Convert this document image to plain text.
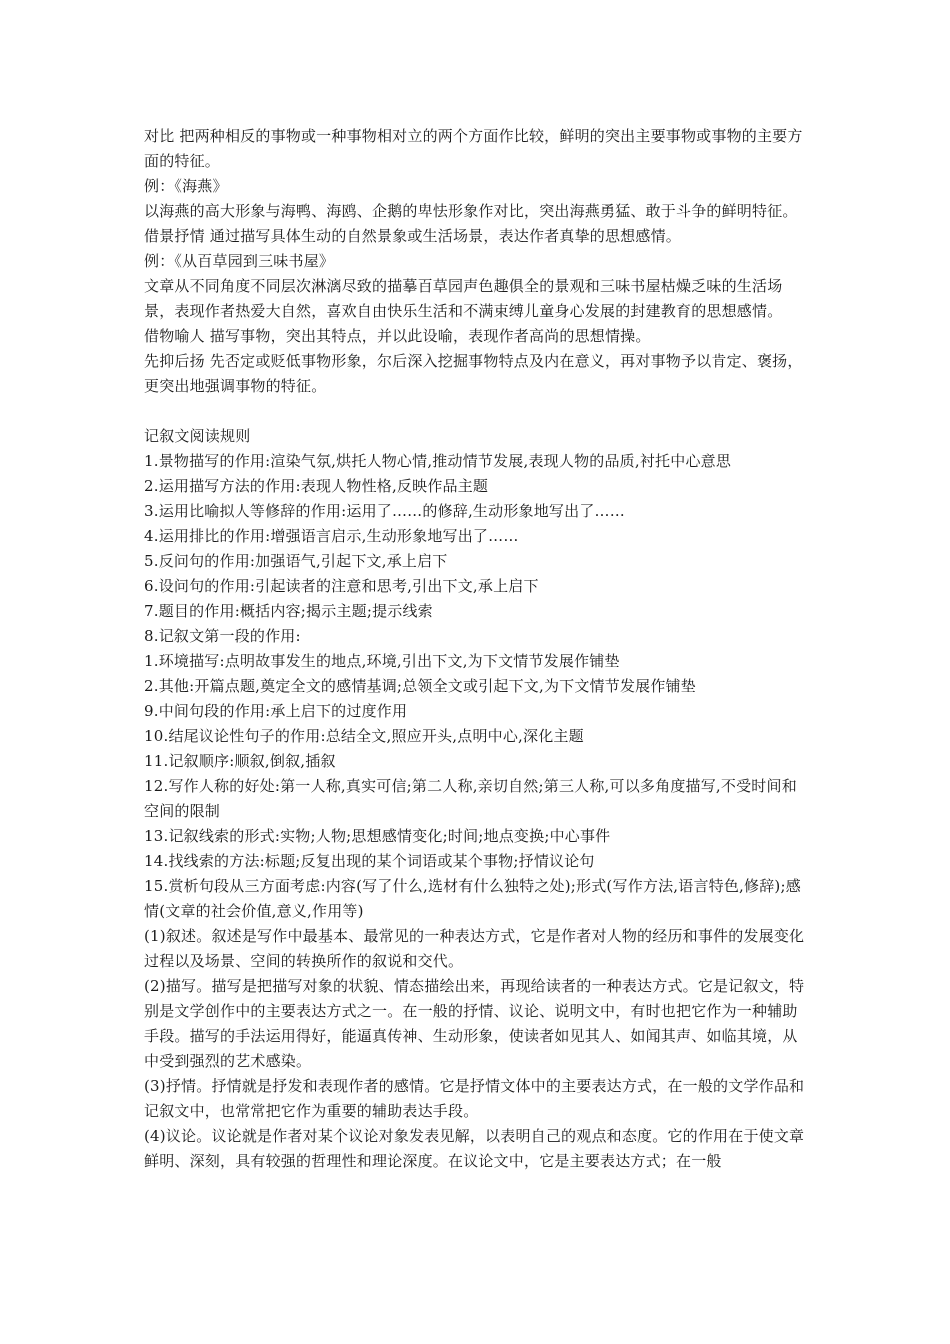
对比 把两种相反的事物或一种事物相对立的两个方面作比较，鲜明的突出主要事物或事物的主要方面的特征。

例：《海燕》

以海燕的高大形象与海鸭、海鸥、企鹅的卑怯形象作对比，突出海燕勇猛、敢于斗争的鲜明特征。

借景抒情 通过描写具体生动的自然景象或生活场景，表达作者真挚的思想感情。

例：《从百草园到三味书屋》

文章从不同角度不同层次淋漓尽致的描摹百草园声色趣俱全的景观和三味书屋枯燥乏味的生活场景，表现作者热爱大自然，喜欢自由快乐生活和不满束缚儿童身心发展的封建教育的思想感情。

借物喻人 描写事物，突出其特点，并以此设喻，表现作者高尚的思想情操。

先抑后扬 先否定或贬低事物形象，尔后深入挖掘事物特点及内在意义，再对事物予以肯定、褒扬，更突出地强调事物的特征。

记叙文阅读规则

1.景物描写的作用:渲染气氛,烘托人物心情,推动情节发展,表现人物的品质,衬托中心意思

2.运用描写方法的作用:表现人物性格,反映作品主题

3.运用比喻拟人等修辞的作用:运用了……的修辞,生动形象地写出了……

4.运用排比的作用:增强语言启示,生动形象地写出了……

5.反问句的作用:加强语气,引起下文,承上启下

6.设问句的作用:引起读者的注意和思考,引出下文,承上启下

7.题目的作用:概括内容;揭示主题;提示线索

8.记叙文第一段的作用:

1.环境描写:点明故事发生的地点,环境,引出下文,为下文情节发展作铺垫

2.其他:开篇点题,奠定全文的感情基调;总领全文或引起下文,为下文情节发展作铺垫

9.中间句段的作用:承上启下的过度作用

10.结尾议论性句子的作用:总结全文,照应开头,点明中心,深化主题

11.记叙顺序:顺叙,倒叙,插叙

12.写作人称的好处:第一人称,真实可信;第二人称,亲切自然;第三人称,可以多角度描写,不受时间和空间的限制

13.记叙线索的形式:实物;人物;思想感情变化;时间;地点变换;中心事件

14.找线索的方法:标题;反复出现的某个词语或某个事物;抒情议论句

15.赏析句段从三方面考虑:内容(写了什么,选材有什么独特之处);形式(写作方法,语言特色,修辞);感情(文章的社会价值,意义,作用等)

(1)叙述。叙述是写作中最基本、最常见的一种表达方式，它是作者对人物的经历和事件的发展变化过程以及场景、空间的转换所作的叙说和交代。

(2)描写。描写是把描写对象的状貌、情态描绘出来，再现给读者的一种表达方式。它是记叙文，特别是文学创作中的主要表达方式之一。在一般的抒情、议论、说明文中，有时也把它作为一种辅助手段。描写的手法运用得好，能逼真传神、生动形象，使读者如见其人、如闻其声、如临其境，从中受到强烈的艺术感染。

(3)抒情。抒情就是抒发和表现作者的感情。它是抒情文体中的主要表达方式，在一般的文学作品和记叙文中，也常常把它作为重要的辅助表达手段。

(4)议论。议论就是作者对某个议论对象发表见解，以表明自己的观点和态度。它的作用在于使文章鲜明、深刻，具有较强的哲理性和理论深度。在议论文中，它是主要表达方式；在一般
